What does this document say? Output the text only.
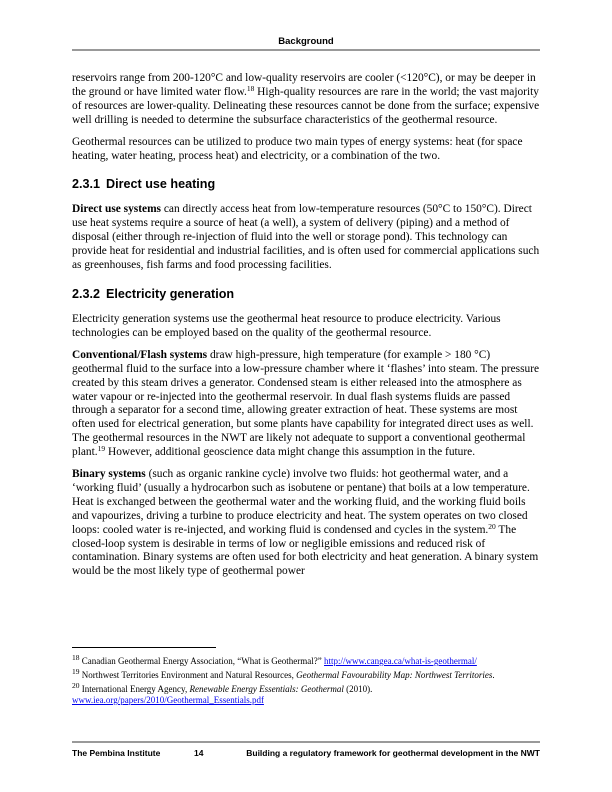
Background

reservoirs range from 200-120°C and low-quality reservoirs are cooler (<120°C), or may be deeper in the ground or have limited water flow.$^{18}$ High-quality resources are rare in the world; the vast majority of resources are lower-quality. Delineating these resources cannot be done from the surface; expensive well drilling is needed to determine the subsurface characteristics of the geothermal resource.

Geothermal resources can be utilized to produce two main types of energy systems: heat (for space heating, water heating, process heat) and electricity, or a combination of the two.

2.3.1 Direct use heating

Direct use systems can directly access heat from low-temperature resources (50°C to 150°C). Direct use heat systems require a source of heat (a well), a system of delivery (piping) and a method of disposal (either through re-injection of fluid into the well or storage pond). This technology can provide heat for residential and industrial facilities, and is often used for commercial applications such as greenhouses, fish farms and food processing facilities.

2.3.2 Electricity generation

Electricity generation systems use the geothermal heat resource to produce electricity. Various technologies can be employed based on the quality of the geothermal resource.

Conventional/Flash systems draw high-pressure, high temperature (for example > 180 °C) geothermal fluid to the surface into a low-pressure chamber where it ‘flashes’ into steam. The pressure created by this steam drives a generator. Condensed steam is either released into the atmosphere as water vapour or re-injected into the geothermal reservoir. In dual flash systems fluids are passed through a separator for a second time, allowing greater extraction of heat. These systems are most often used for electrical generation, but some plants have capability for integrated direct uses as well. The geothermal resources in the NWT are likely not adequate to support a conventional geothermal plant.$^{19}$ However, additional geoscience data might change this assumption in the future.

Binary systems (such as organic rankine cycle) involve two fluids: hot geothermal water, and a ‘working fluid’ (usually a hydrocarbon such as isobutene or pentane) that boils at a low temperature. Heat is exchanged between the geothermal water and the working fluid, and the working fluid boils and vapourizes, driving a turbine to produce electricity and heat. The system operates on two closed loops: cooled water is re-injected, and working fluid is condensed and cycles in the system.$^{20}$ The closed-loop system is desirable in terms of low or negligible emissions and reduced risk of contamination. Binary systems are often used for both electricity and heat generation. A binary system would be the most likely type of geothermal power

$^{18}$ Canadian Geothermal Energy Association, “What is Geothermal?” http://www.cangea.ca/what-is-geothermal/
$^{19}$ Northwest Territories Environment and Natural Resources, Geothermal Favourability Map: Northwest Territories.
$^{20}$ International Energy Agency, Renewable Energy Essentials: Geothermal (2010). www.iea.org/papers/2010/Geothermal_Essentials.pdf
The Pembina Institute	14	Building a regulatory framework for geothermal development in the NWT
